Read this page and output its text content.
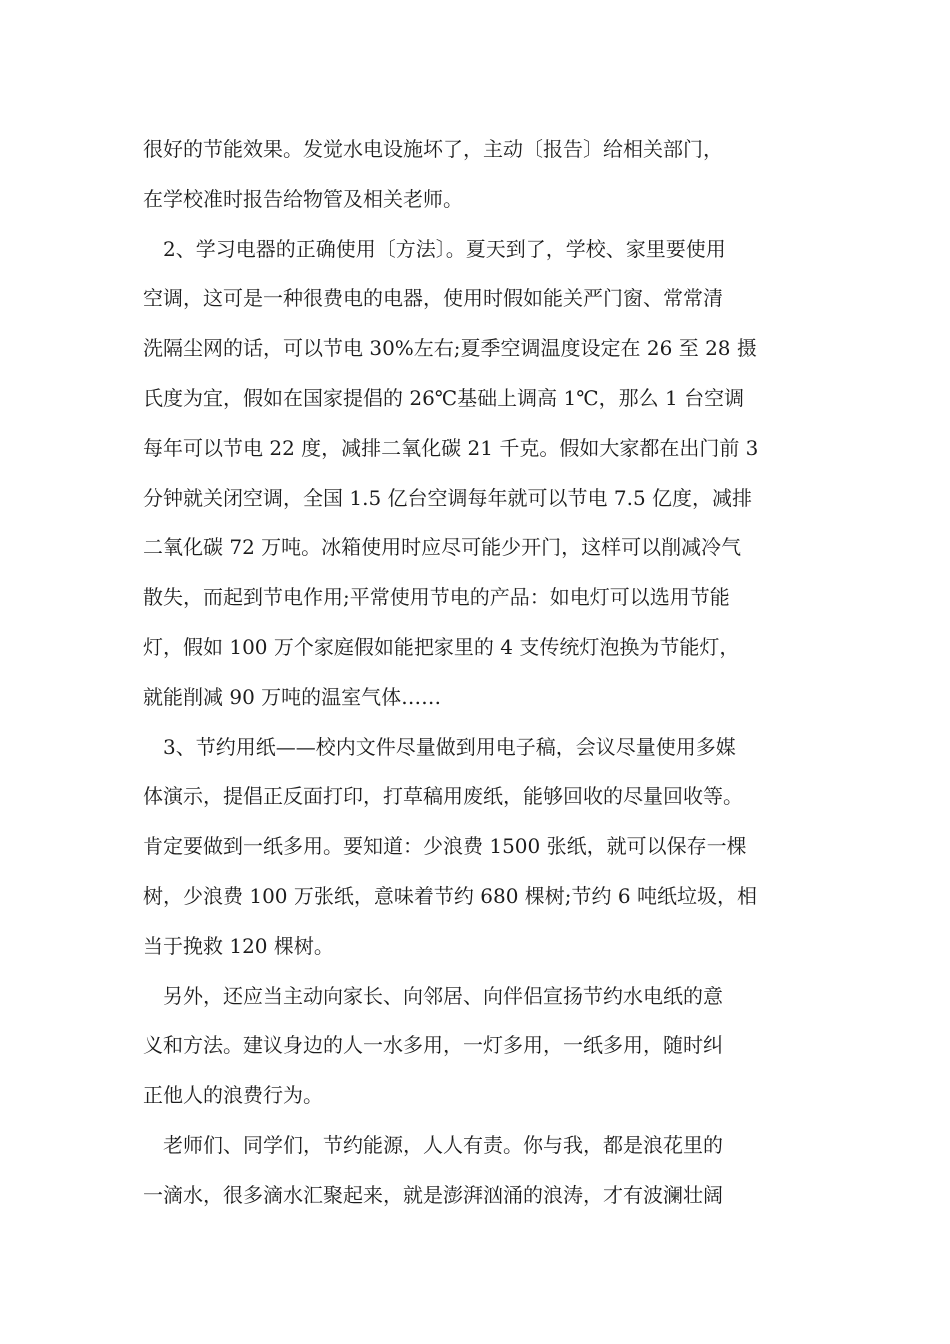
很好的节能效果。发觉水电设施坏了，主动〔报告〕给相关部门，
在学校准时报告给物管及相关老师。
2、学习电器的正确使用〔方法〕。夏天到了，学校、家里要使用
空调，这可是一种很费电的电器，使用时假如能关严门窗、常常清
洗隔尘网的话，可以节电 30%左右;夏季空调温度设定在 26 至 28 摄
氏度为宜，假如在国家提倡的 26℃基础上调高 1℃，那么 1 台空调
每年可以节电 22 度，减排二氧化碳 21 千克。假如大家都在出门前 3
分钟就关闭空调，全国 1.5 亿台空调每年就可以节电 7.5 亿度，减排
二氧化碳 72 万吨。冰箱使用时应尽可能少开门，这样可以削减冷气
散失，而起到节电作用;平常使用节电的产品：如电灯可以选用节能
灯，假如 100 万个家庭假如能把家里的 4 支传统灯泡换为节能灯，
就能削减 90 万吨的温室气体……
3、节约用纸——校内文件尽量做到用电子稿，会议尽量使用多媒
体演示，提倡正反面打印，打草稿用废纸，能够回收的尽量回收等。
肯定要做到一纸多用。要知道：少浪费 1500 张纸，就可以保存一棵
树，少浪费 100 万张纸，意味着节约 680 棵树;节约 6 吨纸垃圾，相
当于挽救 120 棵树。
另外，还应当主动向家长、向邻居、向伴侣宣扬节约水电纸的意
义和方法。建议身边的人一水多用，一灯多用，一纸多用，随时纠
正他人的浪费行为。
老师们、同学们，节约能源，人人有责。你与我，都是浪花里的
一滴水，很多滴水汇聚起来，就是澎湃汹涌的浪涛，才有波澜壮阔
